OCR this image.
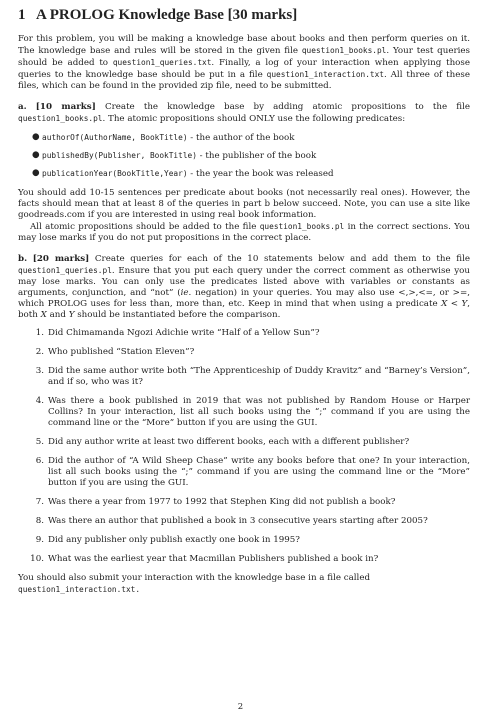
1 A PROLOG Knowledge Base [30 marks]

For this problem, you will be making a knowledge base about books and then perform queries on it. The knowledge base and rules will be stored in the given file question1_books.pl. Your test queries should be added to question1_queries.txt. Finally, a log of your interaction when applying those queries to the knowledge base should be put in a file question1_interaction.txt. All three of these files, which can be found in the provided zip file, need to be submitted.

a. [10 marks] Create the knowledge base by adding atomic propositions to the file question1_books.pl. The atomic propositions should ONLY use the following predicates:

● authorOf(AuthorName, BookTitle) - the author of the book
● publishedBy(Publisher, BookTitle) - the publisher of the book
● publicationYear(BookTitle,Year) - the year the book was released

You should add 10-15 sentences per predicate about books (not necessarily real ones). However, the facts should mean that at least 8 of the queries in part b below succeed. Note, you can use a site like goodreads.com if you are interested in using real book information.

All atomic propositions should be added to the file question1_books.pl in the correct sections. You may lose marks if you do not put propositions in the correct place.

b. [20 marks] Create queries for each of the 10 statements below and add them to the file question1_queries.pl. Ensure that you put each query under the correct comment as otherwise you may lose marks. You can only use the predicates listed above with variables or constants as arguments, conjunction, and “not” (ie. negation) in your queries. You may also use <,>,<=, or >=, which PROLOG uses for less than, more than, etc. Keep in mind that when using a predicate X < Y, both X and Y should be instantiated before the comparison.

1. Did Chimamanda Ngozi Adichie write “Half of a Yellow Sun”?
2. Who published “Station Eleven”?
3. Did the same author write both “The Apprenticeship of Duddy Kravitz” and “Barney’s Version”, and if so, who was it?
4. Was there a book published in 2019 that was not published by Random House or Harper Collins? In your interaction, list all such books using the “;” command if you are using the command line or the “More” button if you are using the GUI.
5. Did any author write at least two different books, each with a different publisher?
6. Did the author of “A Wild Sheep Chase” write any books before that one? In your interaction, list all such books using the “;” command if you are using the command line or the “More” button if you are using the GUI.
7. Was there a year from 1977 to 1992 that Stephen King did not publish a book?
8. Was there an author that published a book in 3 consecutive years starting after 2005?
9. Did any publisher only publish exactly one book in 1995?
10. What was the earliest year that Macmillan Publishers published a book in?

You should also submit your interaction with the knowledge base in a file called
question1_interaction.txt.

2
